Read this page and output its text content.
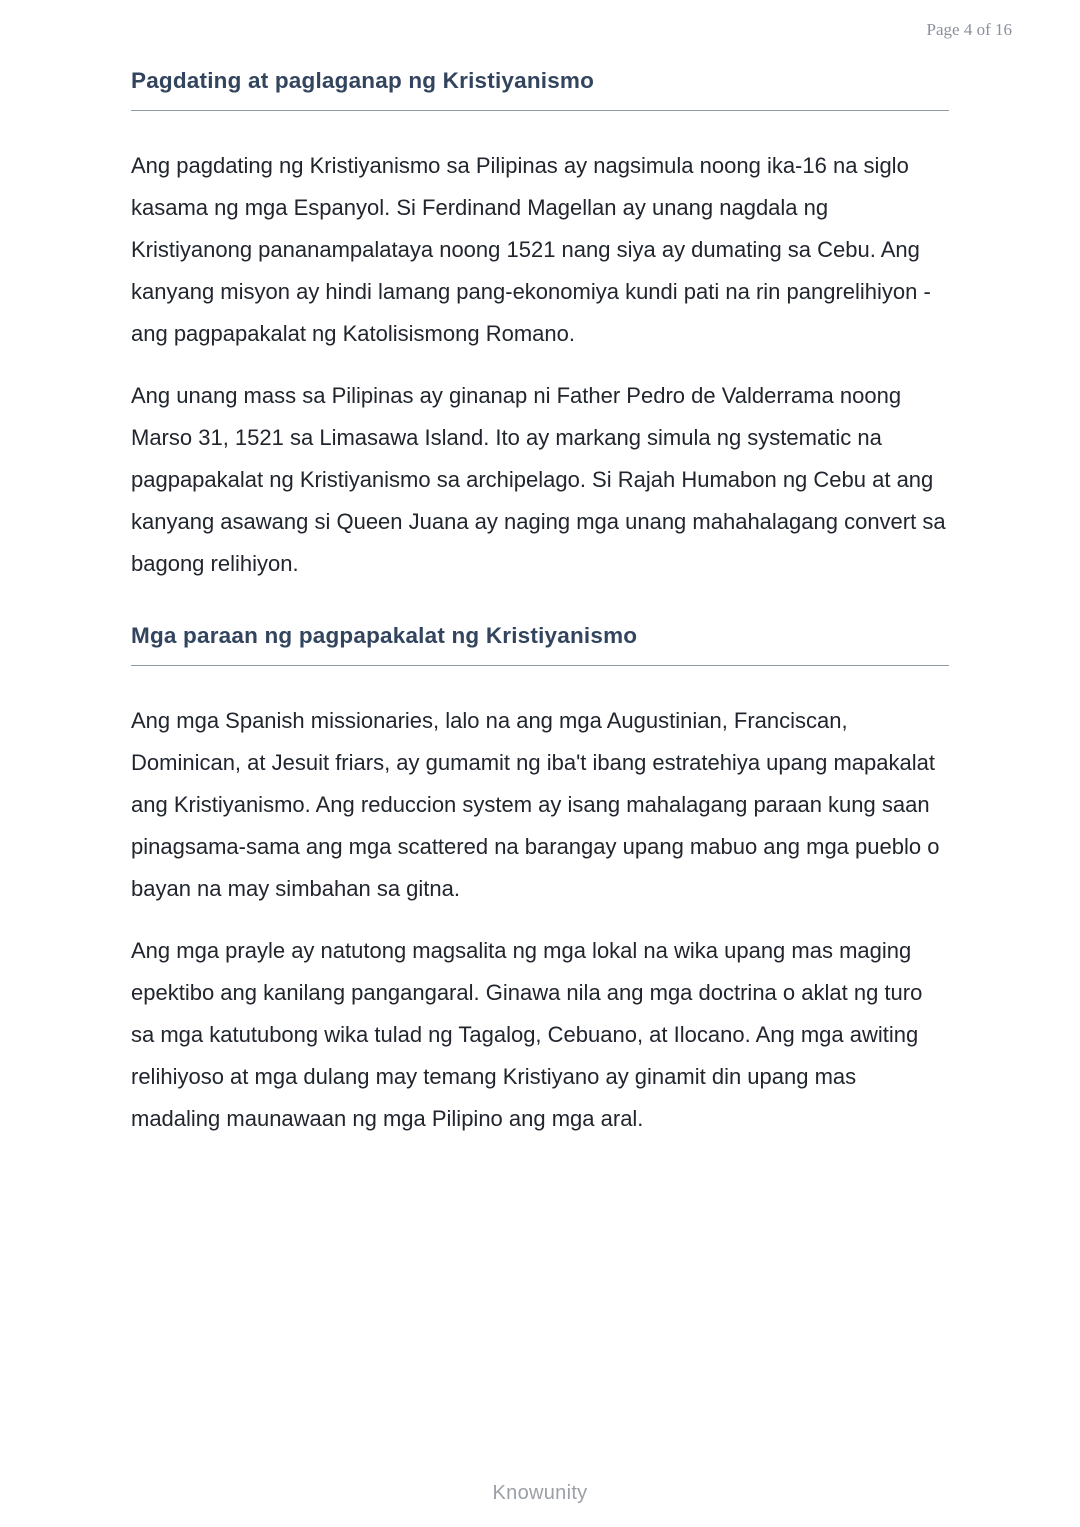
Page 4 of 16
Pagdating at paglaganap ng Kristiyanismo

Ang pagdating ng Kristiyanismo sa Pilipinas ay nagsimula noong ika-16 na siglo kasama ng mga Espanyol. Si Ferdinand Magellan ay unang nagdala ng Kristiyanong pananampalataya noong 1521 nang siya ay dumating sa Cebu. Ang kanyang misyon ay hindi lamang pang-ekonomiya kundi pati na rin pangrelihiyon - ang pagpapakalat ng Katolisismong Romano.

Ang unang mass sa Pilipinas ay ginanap ni Father Pedro de Valderrama noong Marso 31, 1521 sa Limasawa Island. Ito ay markang simula ng systematic na pagpapakalat ng Kristiyanismo sa archipelago. Si Rajah Humabon ng Cebu at ang kanyang asawang si Queen Juana ay naging mga unang mahahalagang convert sa bagong relihiyon.

Mga paraan ng pagpapakalat ng Kristiyanismo

Ang mga Spanish missionaries, lalo na ang mga Augustinian, Franciscan, Dominican, at Jesuit friars, ay gumamit ng iba't ibang estratehiya upang mapakalat ang Kristiyanismo. Ang reduccion system ay isang mahalagang paraan kung saan pinagsama-sama ang mga scattered na barangay upang mabuo ang mga pueblo o bayan na may simbahan sa gitna.

Ang mga prayle ay natutong magsalita ng mga lokal na wika upang mas maging epektibo ang kanilang pangangaral. Ginawa nila ang mga doctrina o aklat ng turo sa mga katutubong wika tulad ng Tagalog, Cebuano, at Ilocano. Ang mga awiting relihiyoso at mga dulang may temang Kristiyano ay ginamit din upang mas madaling maunawaan ng mga Pilipino ang mga aral.

Knowunity
